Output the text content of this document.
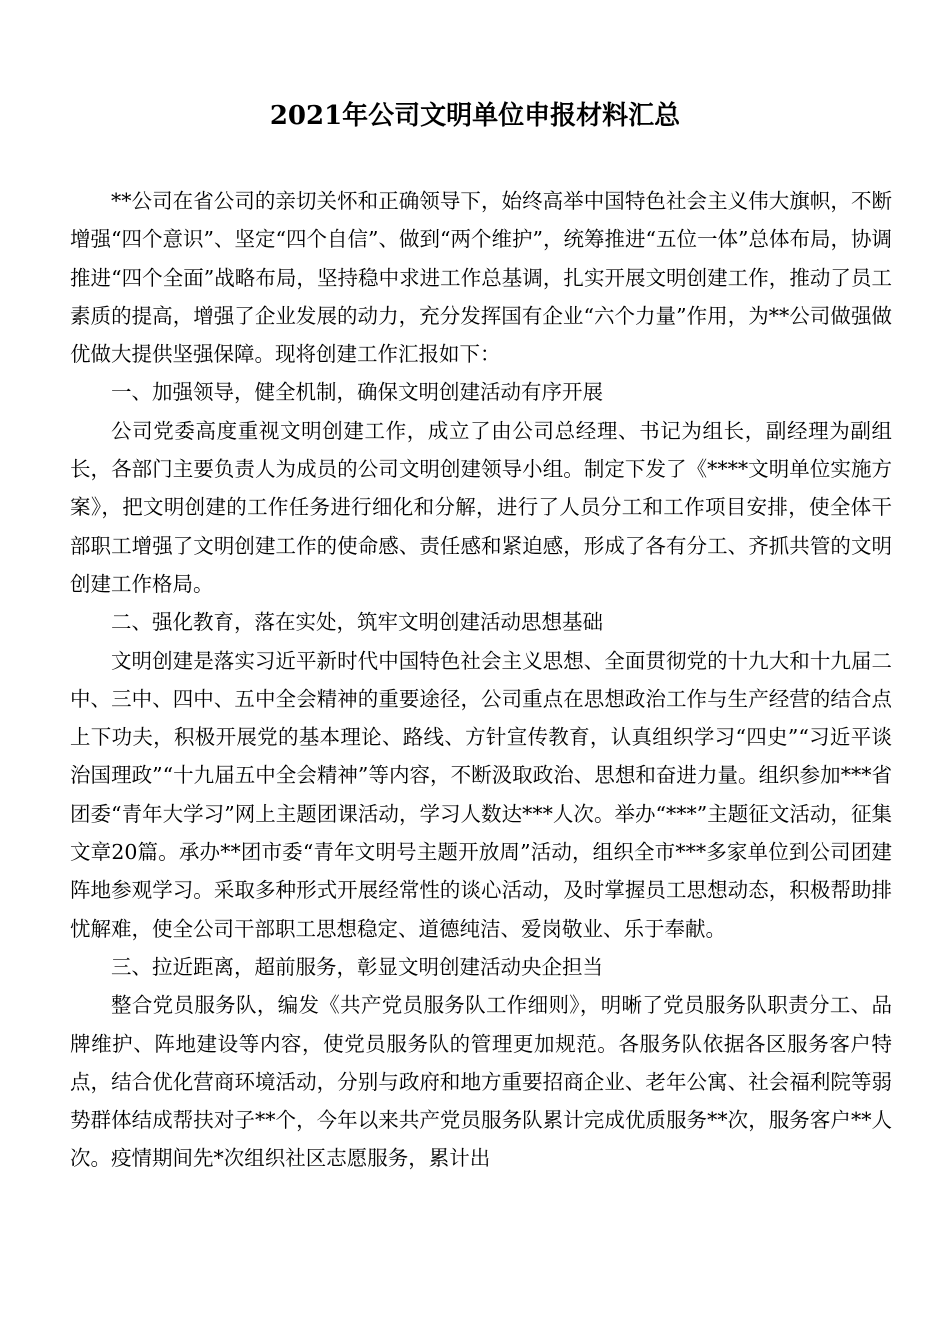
2021年公司文明单位申报材料汇总

**公司在省公司的亲切关怀和正确领导下，始终高举中国特色社会主义伟大旗帜，不断增强“四个意识”、坚定“四个自信”、做到“两个维护”，统筹推进“五位一体”总体布局，协调推进“四个全面”战略布局，坚持稳中求进工作总基调，扎实开展文明创建工作，推动了员工素质的提高，增强了企业发展的动力，充分发挥国有企业“六个力量”作用，为**公司做强做优做大提供坚强保障。现将创建工作汇报如下：

一、加强领导，健全机制，确保文明创建活动有序开展

公司党委高度重视文明创建工作，成立了由公司总经理、书记为组长，副经理为副组长，各部门主要负责人为成员的公司文明创建领导小组。制定下发了《****文明单位实施方案》，把文明创建的工作任务进行细化和分解，进行了人员分工和工作项目安排，使全体干部职工增强了文明创建工作的使命感、责任感和紧迫感，形成了各有分工、齐抓共管的文明创建工作格局。

二、强化教育，落在实处，筑牢文明创建活动思想基础

文明创建是落实习近平新时代中国特色社会主义思想、全面贯彻党的十九大和十九届二中、三中、四中、五中全会精神的重要途径，公司重点在思想政治工作与生产经营的结合点上下功夫，积极开展党的基本理论、路线、方针宣传教育，认真组织学习“四史”“习近平谈治国理政”“十九届五中全会精神”等内容，不断汲取政治、思想和奋进力量。组织参加***省团委“青年大学习”网上主题团课活动，学习人数达***人次。举办“***”主题征文活动，征集文章20篇。承办**团市委“青年文明号主题开放周”活动，组织全市***多家单位到公司团建阵地参观学习。采取多种形式开展经常性的谈心活动，及时掌握员工思想动态，积极帮助排忧解难，使全公司干部职工思想稳定、道德纯洁、爱岗敬业、乐于奉献。

三、拉近距离，超前服务，彰显文明创建活动央企担当

整合党员服务队，编发《共产党员服务队工作细则》，明晰了党员服务队职责分工、品牌维护、阵地建设等内容，使党员服务队的管理更加规范。各服务队依据各区服务客户特点，结合优化营商环境活动，分别与政府和地方重要招商企业、老年公寓、社会福利院等弱势群体结成帮扶对子**个，今年以来共产党员服务队累计完成优质服务**次，服务客户**人次。疫情期间先*次组织社区志愿服务，累计出
